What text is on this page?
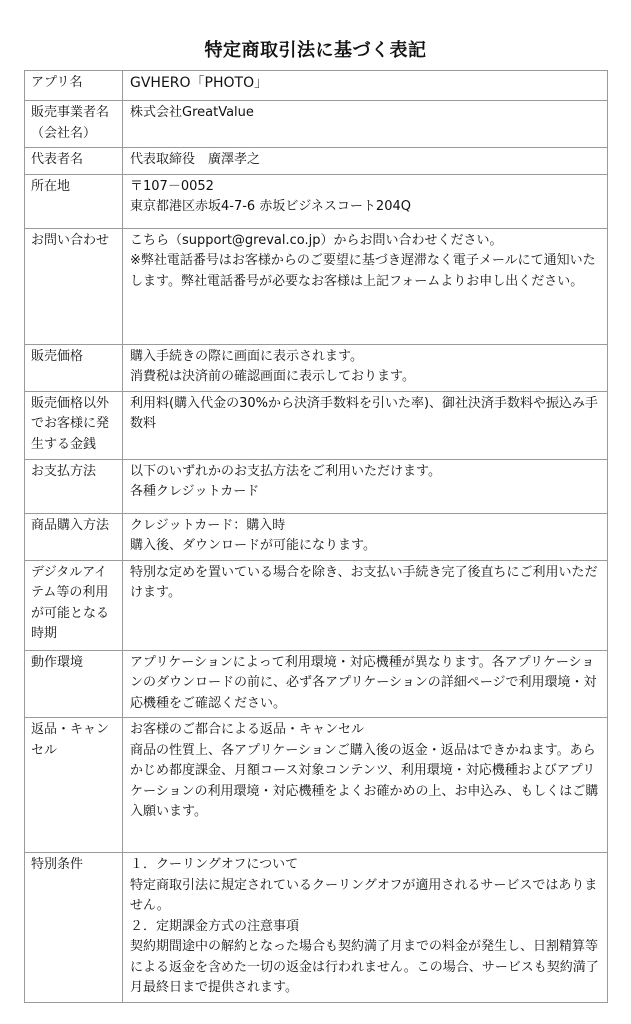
特定商取引法に基づく表記
アプリ名	GVHERO「PHOTO」

販売事業者名
（会社名）	株式会社GreatValue

代表者名	代表取締役　廣澤孝之

所在地	〒107－0052
東京都港区赤坂4-7-6 赤坂ビジネスコート204Q

お問い合わせ	こちら（support@greval.co.jp）からお問い合わせください。
※弊社電話番号はお客様からのご要望に基づき遅滞なく電子メールにて通知いたします。弊社電話番号が必要なお客様は上記フォームよりお申し出ください。

販売価格	購入手続きの際に画面に表示されます。
消費税は決済前の確認画面に表示しております。

販売価格以外でお客様に発生する金銭	利用料(購入代金の30%から決済手数料を引いた率)、御社決済手数料や振込み手数料

お支払方法	以下のいずれかのお支払方法をご利用いただけます。
各種クレジットカード

商品購入方法	クレジットカード：購入時
購入後、ダウンロードが可能になります。

デジタルアイテム等の利用が可能となる時期	特別な定めを置いている場合を除き、お支払い手続き完了後直ちにご利用いただけます。

動作環境	アプリケーションによって利用環境・対応機種が異なります。各アプリケーションのダウンロードの前に、必ず各アプリケーションの詳細ページで利用環境・対応機種をご確認ください。

返品・キャンセル	お客様のご都合による返品・キャンセル
商品の性質上、各アプリケーションご購入後の返金・返品はできかねます。あらかじめ都度課金、月額コース対象コンテンツ、利用環境・対応機種およびアプリケーションの利用環境・対応機種をよくお確かめの上、お申込み、もしくはご購入願います。

特別条件	１．クーリングオフについて
特定商取引法に規定されているクーリングオフが適用されるサービスではありません。
２．定期課金方式の注意事項
契約期間途中の解約となった場合も契約満了月までの料金が発生し、日割精算等による返金を含めた一切の返金は行われません。この場合、サービスも契約満了月最終日まで提供されます。
